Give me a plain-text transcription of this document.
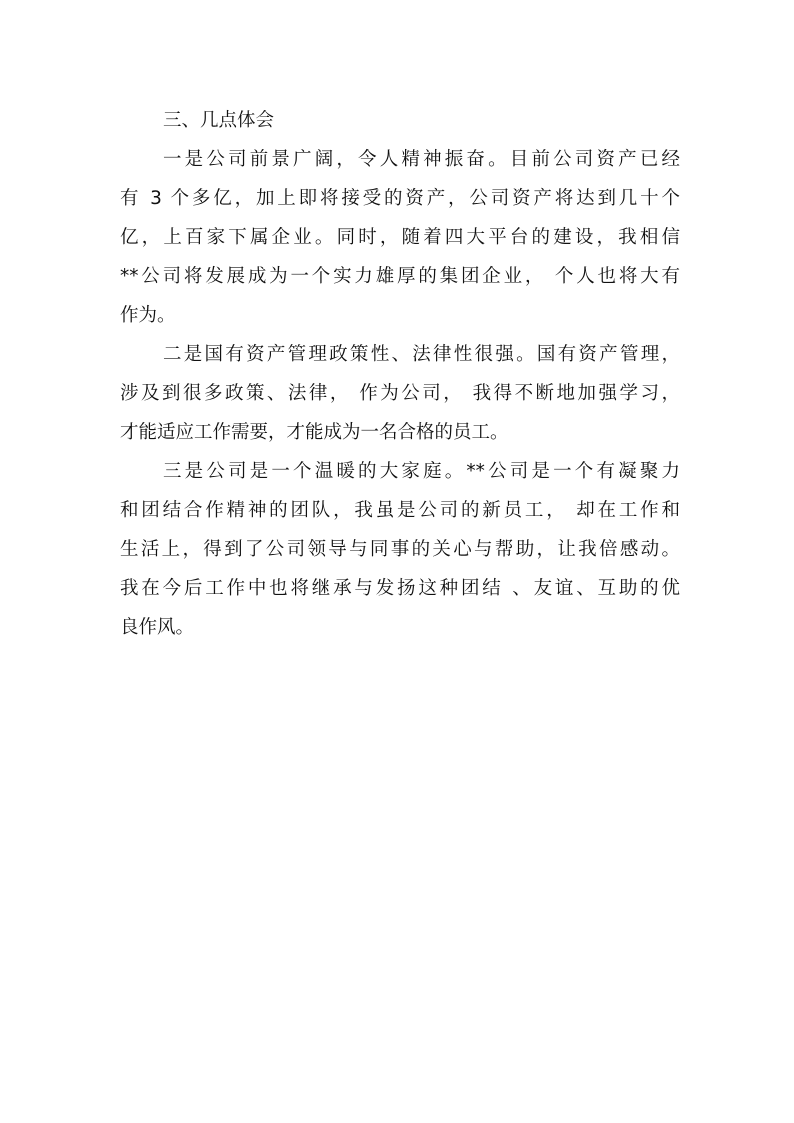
三、几点体会
一是公司前景广阔，令人精神振奋。目前公司资产已经
有 3 个多亿，加上即将接受的资产，公司资产将达到几十个
亿，上百家下属企业。同时，随着四大平台的建设，我相信
**公司将发展成为一个实力雄厚的集团企业， 个人也将大有
作为。
二是国有资产管理政策性、法律性很强。国有资产管理，
涉及到很多政策、法律， 作为公司， 我得不断地加强学习，
才能适应工作需要，才能成为一名合格的员工。
三是公司是一个温暖的大家庭。**公司是一个有凝聚力
和团结合作精神的团队，我虽是公司的新员工， 却在工作和
生活上，得到了公司领导与同事的关心与帮助，让我倍感动。
我在今后工作中也将继承与发扬这种团结 、友谊、互助的优
良作风。
